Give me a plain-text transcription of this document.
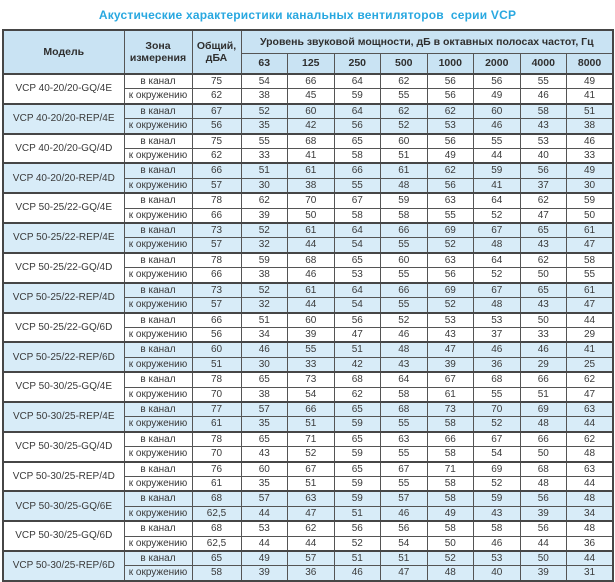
Акустические характеристики канальных вентиляторов  серии VCP
Модель	Зона измерения	Общий, дБА	Уровень звуковой мощности, дБ в октавных полосах частот, Гц							
			63	125	250	500	1000	2000	4000	8000
VCP 40-20/20-GQ/4E	в канал	75	54	66	64	62	56	56	55	49
	к окружению	62	38	45	59	55	56	49	46	41
VCP 40-20/20-REP/4E	в канал	67	52	60	64	62	62	60	58	51
	к окружению	56	35	42	56	52	53	46	43	38
VCP 40-20/20-GQ/4D	в канал	75	55	68	65	60	56	55	53	46
	к окружению	62	33	41	58	51	49	44	40	33
VCP 40-20/20-REP/4D	в канал	66	51	61	66	61	62	59	56	49
	к окружению	57	30	38	55	48	56	41	37	30
VCP 50-25/22-GQ/4E	в канал	78	62	70	67	59	63	64	62	59
	к окружению	66	39	50	58	58	55	52	47	50
VCP 50-25/22-REP/4E	в канал	73	52	61	64	66	69	67	65	61
	к окружению	57	32	44	54	55	52	48	43	47
VCP 50-25/22-GQ/4D	в канал	78	59	68	65	60	63	64	62	58
	к окружению	66	38	46	53	55	56	52	50	55
VCP 50-25/22-REP/4D	в канал	73	52	61	64	66	69	67	65	61
	к окружению	57	32	44	54	55	52	48	43	47
VCP 50-25/22-GQ/6D	в канал	66	51	60	56	52	53	53	50	44
	к окружению	56	34	39	47	46	43	37	33	29
VCP 50-25/22-REP/6D	в канал	60	46	55	51	48	47	46	46	41
	к окружению	51	30	33	42	43	39	36	29	25
VCP 50-30/25-GQ/4E	в канал	78	65	73	68	64	67	68	66	62
	к окружению	70	38	54	62	58	61	55	51	47
VCP 50-30/25-REP/4E	в канал	77	57	66	65	68	73	70	69	63
	к окружению	61	35	51	59	55	58	52	48	44
VCP 50-30/25-GQ/4D	в канал	78	65	71	65	63	66	67	66	62
	к окружению	70	43	52	59	55	58	54	50	48
VCP 50-30/25-REP/4D	в канал	76	60	67	65	67	71	69	68	63
	к окружению	61	35	51	59	55	58	52	48	44
VCP 50-30/25-GQ/6E	в канал	68	57	63	59	57	58	59	56	48
	к окружению	62,5	44	47	51	46	49	43	39	34
VCP 50-30/25-GQ/6D	в канал	68	53	62	56	56	58	58	56	48
	к окружению	62,5	44	44	52	54	50	46	44	36
VCP 50-30/25-REP/6D	в канал	65	49	57	51	51	52	53	50	44
	к окружению	58	39	36	46	47	48	40	39	31
